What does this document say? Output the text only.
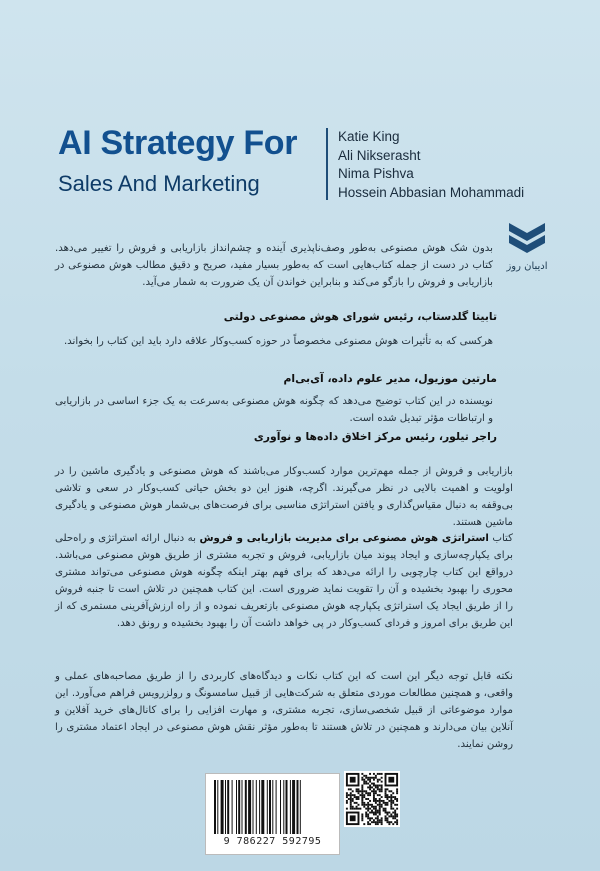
AI Strategy For
Sales And Marketing
Katie King
Ali Nikserasht
Nima Pishva
Hossein Abbasian Mohammadi
ادیبان روز

بدون شک هوش مصنوعی به‌طور وصف‌ناپذیری آینده و چشم‌انداز بازاریابی و فروش را تغییر می‌دهد. کتاب در دست از جمله کتاب‌هایی است که به‌طور بسیار مفید، صریح و دقیق مطالب هوش مصنوعی در بازاریابی و فروش را بازگو می‌کند و بنابراین خواندن آن یک ضرورت به شمار می‌آید.

تابیتا گلدستاب، رئیس شورای هوش مصنوعی دولتی

هرکسی که به تأثیرات هوش مصنوعی مخصوصاً در حوزه کسب‌وکار علاقه دارد باید این کتاب را بخواند.

مارتین موزیول، مدیر علوم داده، آی‌بی‌ام

نویسنده در این کتاب توضیح می‌دهد که چگونه هوش مصنوعی به‌سرعت به یک جزء اساسی در بازاریابی و ارتباطات مؤثر تبدیل شده است.

راجر تیلور، رئیس مرکز اخلاق داده‌ها و نوآوری

بازاریابی و فروش از جمله مهم‌ترین موارد کسب‌وکار می‌باشند که هوش مصنوعی و یادگیری ماشین را در اولویت و اهمیت بالایی در نظر می‌گیرند. اگرچه، هنوز این دو بخش حیاتی کسب‌وکار در سعی و تلاشی بی‌وقفه به دنبال مقیاس‌گذاری و یافتن استراتژی مناسبی برای فرصت‌های بی‌شمار هوش مصنوعی و یادگیری ماشین هستند.

کتاب استراتژی هوش مصنوعی برای مدیریت بازاریابی و فروش به دنبال ارائه استراتژی و راه‌حلی برای یکپارچه‌سازی و ایجاد پیوند میان بازاریابی، فروش و تجربه مشتری از طریق هوش مصنوعی می‌باشد. درواقع این کتاب چارچوبی را ارائه می‌دهد که برای فهم بهتر اینکه چگونه هوش مصنوعی می‌تواند مشتری محوری را بهبود بخشیده و آن را تقویت نماید ضروری است. این کتاب همچنین در تلاش است تا جنبه فروش را از طریق ایجاد یک استراتژی یکپارچه هوش مصنوعی بازتعریف نموده و از راه ارزش‌آفرینی مستمری که از این طریق برای امروز و فردای کسب‌وکار در پی خواهد داشت آن را بهبود بخشیده و رونق دهد.

نکته قابل توجه دیگر این است که این کتاب نکات و دیدگاه‌های کاربردی را از طریق مصاحبه‌های عملی و واقعی، و همچنین مطالعات موردی متعلق به شرکت‌هایی از قبیل سامسونگ و رولزرویس فراهم می‌آورد. این موارد موضوعاتی از قبیل شخصی‌سازی، تجربه مشتری، و مهارت افزایی را برای کانال‌های خرید آفلاین و آنلاین بیان می‌دارند و همچنین در تلاش هستند تا به‌طور مؤثر نقش هوش مصنوعی در ایجاد اعتماد مشتری را روشن نمایند.

9 786227 592795
